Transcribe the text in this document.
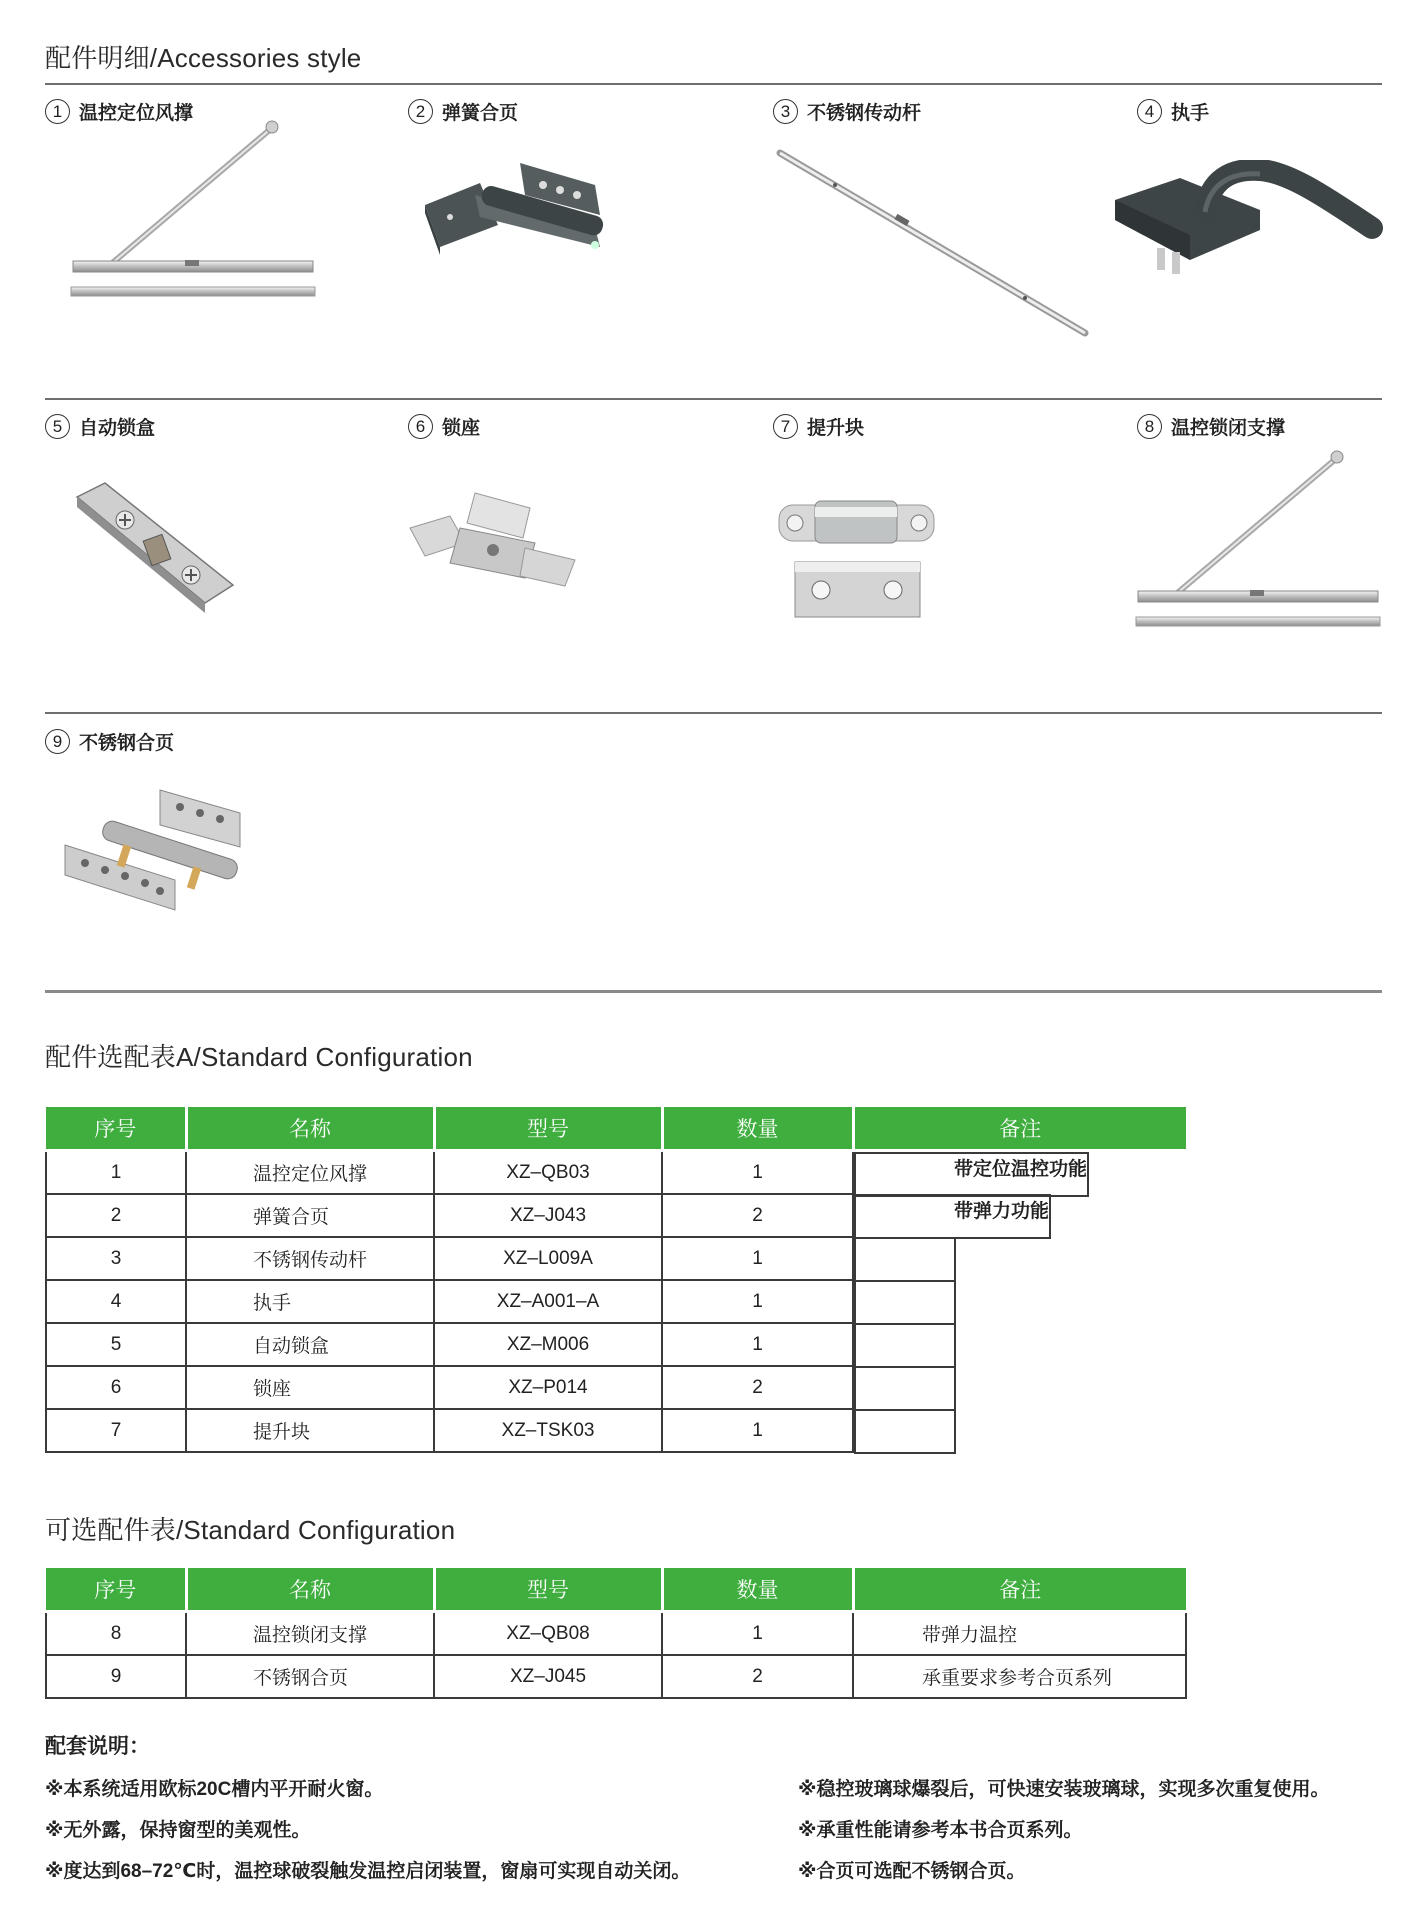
配件明细/Accessories style
1 温控定位风撑	2 弹簧合页	3 不锈钢传动杆	4 执手
5 自动锁盒	6 锁座	7 提升块	8 温控锁闭支撑
9 不锈钢合页
配件选配表A/Standard Configuration
序号	名称	型号	数量	备注
1	温控定位风撑	XZ–QB03	1		带定位温控功能

2	弹簧合页	XZ–J043	2		带弹力功能

3	不锈钢传动杆	XZ–L009A	1	

4	执手	XZ–A001–A	1	

5	自动锁盒	XZ–M006	1	

6	锁座	XZ–P014	2	

7	提升块	XZ–TSK03	1	
可选配件表/Standard Configuration
序号	名称	型号	数量	备注
8	温控锁闭支撑	XZ–QB08	1	带弹力温控
9	不锈钢合页	XZ–J045	2	承重要求参考合页系列
配套说明：
※本系统适用欧标20C槽内平开耐火窗。
※无外露，保持窗型的美观性。
※度达到68–72℃时，温控球破裂触发温控启闭装置，窗扇可实现自动关闭。
※稳控玻璃球爆裂后，可快速安装玻璃球，实现多次重复使用。
※承重性能请参考本书合页系列。
※合页可选配不锈钢合页。
